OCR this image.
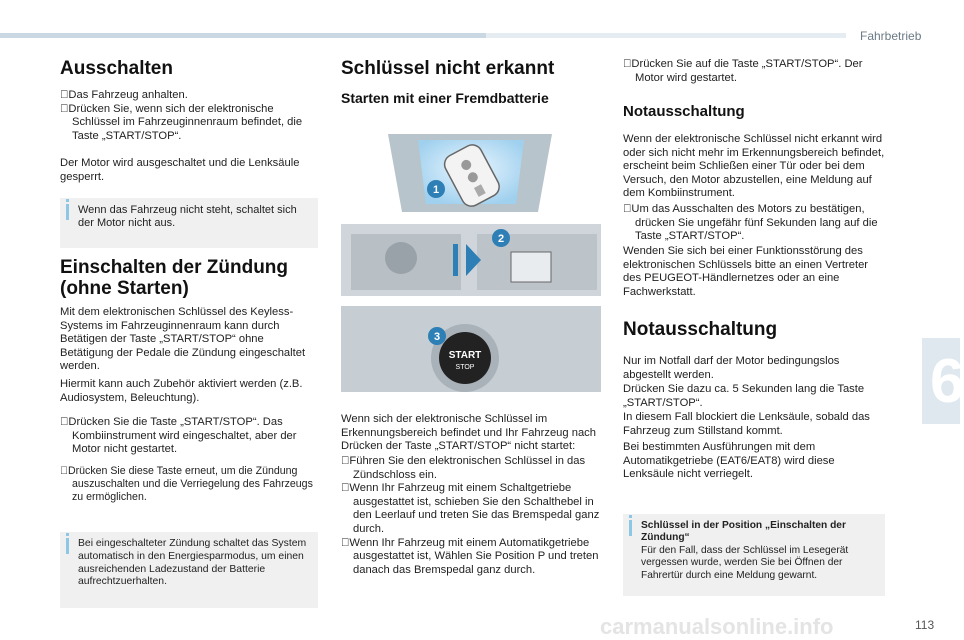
Fahrbetrieb
Ausschalten
Das Fahrzeug anhalten.
Drücken Sie, wenn sich der elektronische Schlüssel im Fahrzeuginnenraum befindet, die Taste „START/STOP“.
Der Motor wird ausgeschaltet und die Lenksäule gesperrt.
Wenn das Fahrzeug nicht steht, schaltet sich der Motor nicht aus.
Einschalten der Zündung
(ohne Starten)
Mit dem elektronischen Schlüssel des Keyless-Systems im Fahrzeuginnenraum kann durch Betätigen der Taste „START/STOP“ ohne Betätigung der Pedale die Zündung eingeschaltet werden.
Hiermit kann auch Zubehör aktiviert werden (z.B. Audiosystem, Beleuchtung).
Drücken Sie die Taste „START/STOP“. Das Kombiinstrument wird eingeschaltet, aber der Motor nicht gestartet.
Drücken Sie diese Taste erneut, um die Zündung auszuschalten und die Verriegelung des Fahrzeugs zu ermöglichen.
Bei eingeschalteter Zündung schaltet das System automatisch in den Energiesparmodus, um einen ausreichenden Ladezustand der Batterie aufrechtzuerhalten.
Schlüssel nicht erkannt
Starten mit einer Fremdbatterie
1
2
START
STOP
3
Wenn sich der elektronische Schlüssel im Erkennungsbereich befindet und Ihr Fahrzeug nach Drücken der Taste „START/STOP“ nicht startet:
Führen Sie den elektronischen Schlüssel in das Zündschloss ein.
Wenn Ihr Fahrzeug mit einem Schaltgetriebe ausgestattet ist, schieben Sie den Schalthebel in den Leerlauf und treten Sie das Bremspedal ganz durch.
Wenn Ihr Fahrzeug mit einem Automatikgetriebe ausgestattet ist, Wählen Sie Position P und treten danach das Bremspedal ganz durch.
Drücken Sie auf die Taste „START/STOP“. Der Motor wird gestartet.
Notausschaltung
Wenn der elektronische Schlüssel nicht erkannt wird oder sich nicht mehr im Erkennungsbereich befindet, erscheint beim Schließen einer Tür oder bei dem Versuch, den Motor abzustellen, eine Meldung auf dem Kombiinstrument.
Um das Ausschalten des Motors zu bestätigen, drücken Sie ungefähr fünf Sekunden lang auf die Taste „START/STOP“.
Wenden Sie sich bei einer Funktionsstörung des elektronischen Schlüssels bitte an einen Vertreter des PEUGEOT-Händlernetzes oder an eine Fachwerkstatt.
Notausschaltung
Nur im Notfall darf der Motor bedingungslos abgestellt werden.
Drücken Sie dazu ca. 5 Sekunden lang die Taste „START/STOP“.
In diesem Fall blockiert die Lenksäule, sobald das Fahrzeug zum Stillstand kommt.
Bei bestimmten Ausführungen mit dem Automatikgetriebe (EAT6/EAT8) wird diese Lenksäule nicht verriegelt.
Schlüssel in der Position „Einschalten der Zündung“
Für den Fall, dass der Schlüssel im Lesegerät vergessen wurde, werden Sie bei Öffnen der Fahrertür durch eine Meldung gewarnt.
6
carmanualsonline.info	113
